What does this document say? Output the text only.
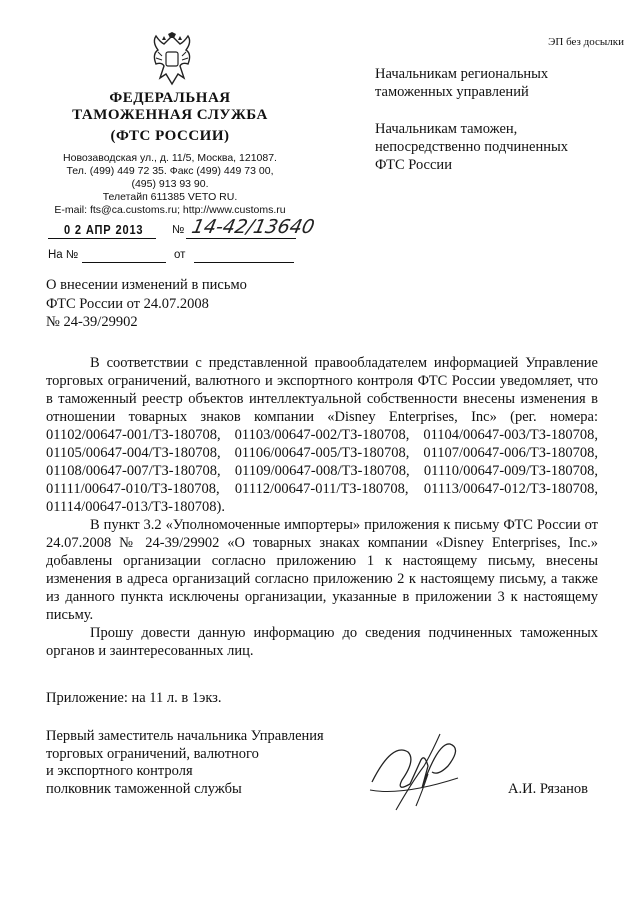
ЭП без досылки
ФЕДЕРАЛЬНАЯ
ТАМОЖЕННАЯ СЛУЖБА
(ФТС РОССИИ)
Новозаводская ул., д. 11/5, Москва, 121087.
Тел. (499) 449 72 35. Факс (499) 449 73 00,
(495) 913 93 90.
Телетайп 611385 VETO RU.
E-mail: fts@ca.customs.ru; http://www.customs.ru
0 2 АПР 2013 № 14-42/13640
На №	от
Начальникам региональных
таможенных управлений
Начальникам таможен,
непосредственно подчиненных
ФТС России
О внесении изменений в письмо
ФТС России от 24.07.2008
№ 24-39/29902

В соответствии с представленной правообладателем информацией Управление торговых ограничений, валютного и экспортного контроля ФТС России уведомляет, что в таможенный реестр объектов интеллектуальной собственности внесены изменения в отношении товарных знаков компании «Disney Enterprises, Inc» (рег. номера: 01102/00647-001/ТЗ-180708, 01103/00647-002/ТЗ-180708, 01104/00647-003/ТЗ-180708, 01105/00647-004/ТЗ-180708, 01106/00647-005/ТЗ-180708, 01107/00647-006/ТЗ-180708, 01108/00647-007/ТЗ-180708, 01109/00647-008/ТЗ-180708, 01110/00647-009/ТЗ-180708, 01111/00647-010/ТЗ-180708, 01112/00647-011/ТЗ-180708, 01113/00647-012/ТЗ-180708, 01114/00647-013/ТЗ-180708).

В пункт 3.2 «Уполномоченные импортеры» приложения к письму ФТС России от 24.07.2008 № 24-39/29902 «О товарных знаках компании «Disney Enterprises, Inc.» добавлены организации согласно приложению 1 к настоящему письму, внесены изменения в адреса организаций согласно приложению 2 к настоящему письму, а также из данного пункта исключены организации, указанные в приложении 3 к настоящему письму.

Прошу довести данную информацию до сведения подчиненных таможенных органов и заинтересованных лиц.

Приложение: на 11 л. в 1экз.
Первый заместитель начальника Управления
торговых ограничений, валютного
и экспортного контроля
полковник таможенной службы	А.И. Рязанов
